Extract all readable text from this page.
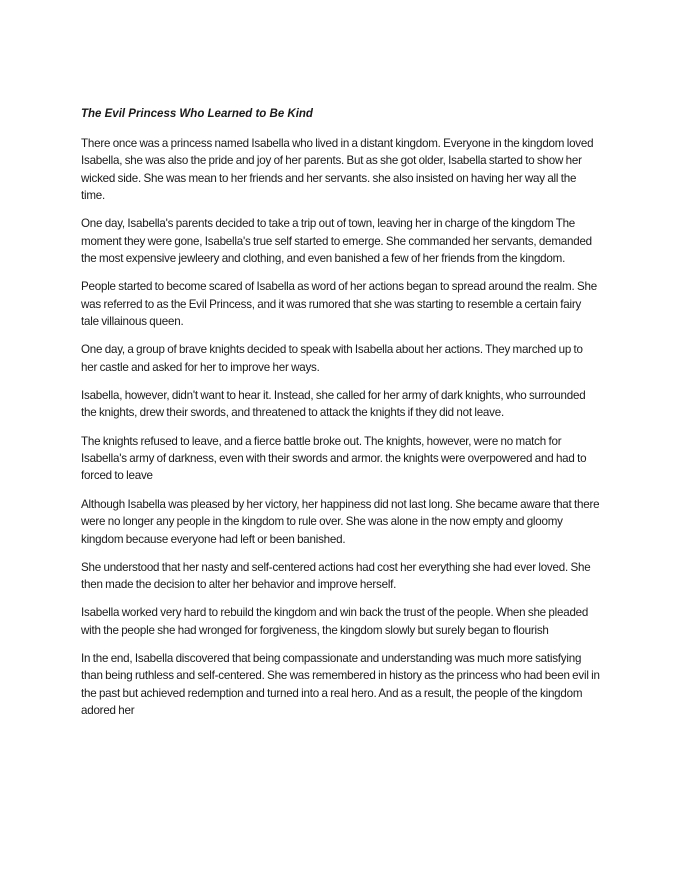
The Evil Princess Who Learned to Be Kind

There once was a princess named Isabella who lived in a distant kingdom. Everyone in the kingdom loved Isabella, she was also the pride and joy of her parents. But as she got older, Isabella started to show her wicked side. She was mean to her friends and her servants. she also insisted on having her way all the time.

One day, Isabella's parents decided to take a trip out of town, leaving her in charge of the kingdom The moment they were gone, Isabella's true self started to emerge. She commanded her servants, demanded the most expensive jewleery and clothing, and even banished a few of her friends from the kingdom.

People started to become scared of Isabella as word of her actions began to spread around the realm. She was referred to as the Evil Princess, and it was rumored that she was starting to resemble a certain fairy tale villainous queen.

One day, a group of brave knights decided to speak with Isabella about her actions. They marched up to her castle and asked for her to improve her ways.

Isabella, however, didn't want to hear it. Instead, she called for her army of dark knights, who surrounded the knights, drew their swords, and threatened to attack the knights if they did not leave.

The knights refused to leave, and a fierce battle broke out. The knights, however, were no match for Isabella's army of darkness, even with their swords and armor. the knights were overpowered and had to forced to leave

Although Isabella was pleased by her victory, her happiness did not last long. She became aware that there were no longer any people in the kingdom to rule over. She was alone in the now empty and gloomy kingdom because everyone had left or been banished.

She understood that her nasty and self-centered actions had cost her everything she had ever loved. She then made the decision to alter her behavior and improve herself.

Isabella worked very hard to rebuild the kingdom and win back the trust of the people. When she pleaded with the people she had wronged for forgiveness, the kingdom slowly but surely began to flourish

In the end, Isabella discovered that being compassionate and understanding was much more satisfying than being ruthless and self-centered. She was remembered in history as the princess who had been evil in the past but achieved redemption and turned into a real hero. And as a result, the people of the kingdom adored her
